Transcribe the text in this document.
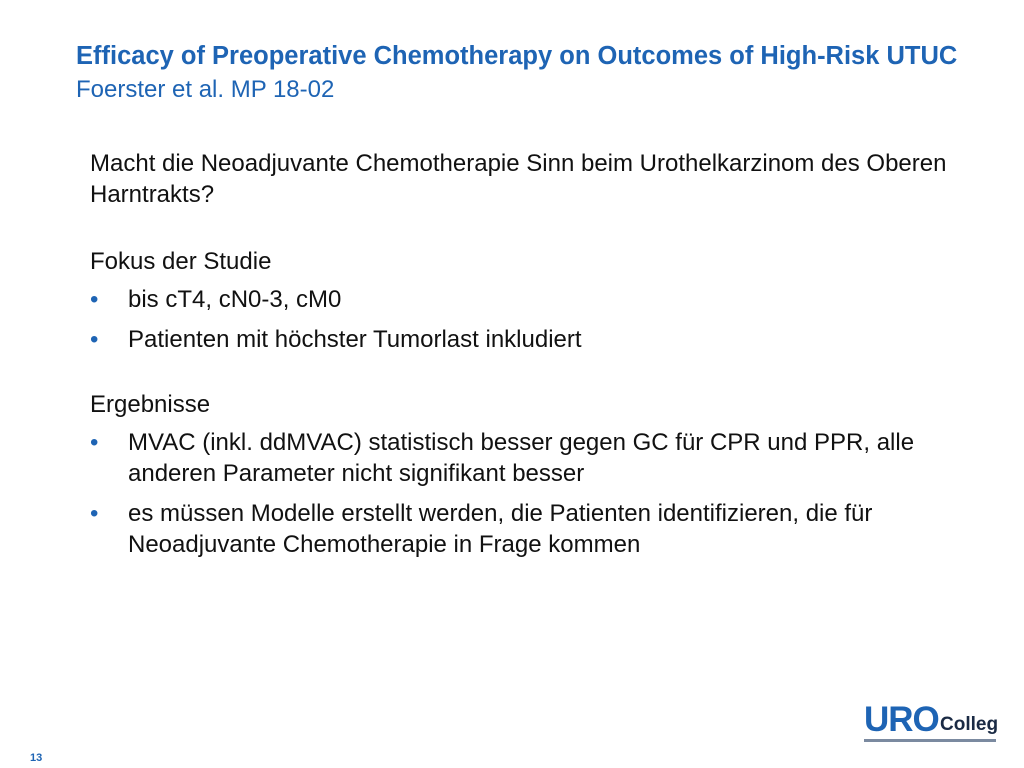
Efficacy of Preoperative Chemotherapy on Outcomes of High-Risk UTUC Foerster et al. MP 18-02

Macht die Neoadjuvante Chemotherapie Sinn beim Urothelkarzinom des Oberen Harntrakts?

Fokus der Studie

• bis cT4, cN0-3, cM0
• Patienten mit höchster Tumorlast inkludiert

Ergebnisse

• MVAC (inkl. ddMVAC) statistisch besser gegen GC für CPR und PPR, alle anderen Parameter nicht signifikant besser
• es müssen Modelle erstellt werden, die Patienten identifizieren, die für Neoadjuvante Chemotherapie in Frage kommen
URO Colleg
13
